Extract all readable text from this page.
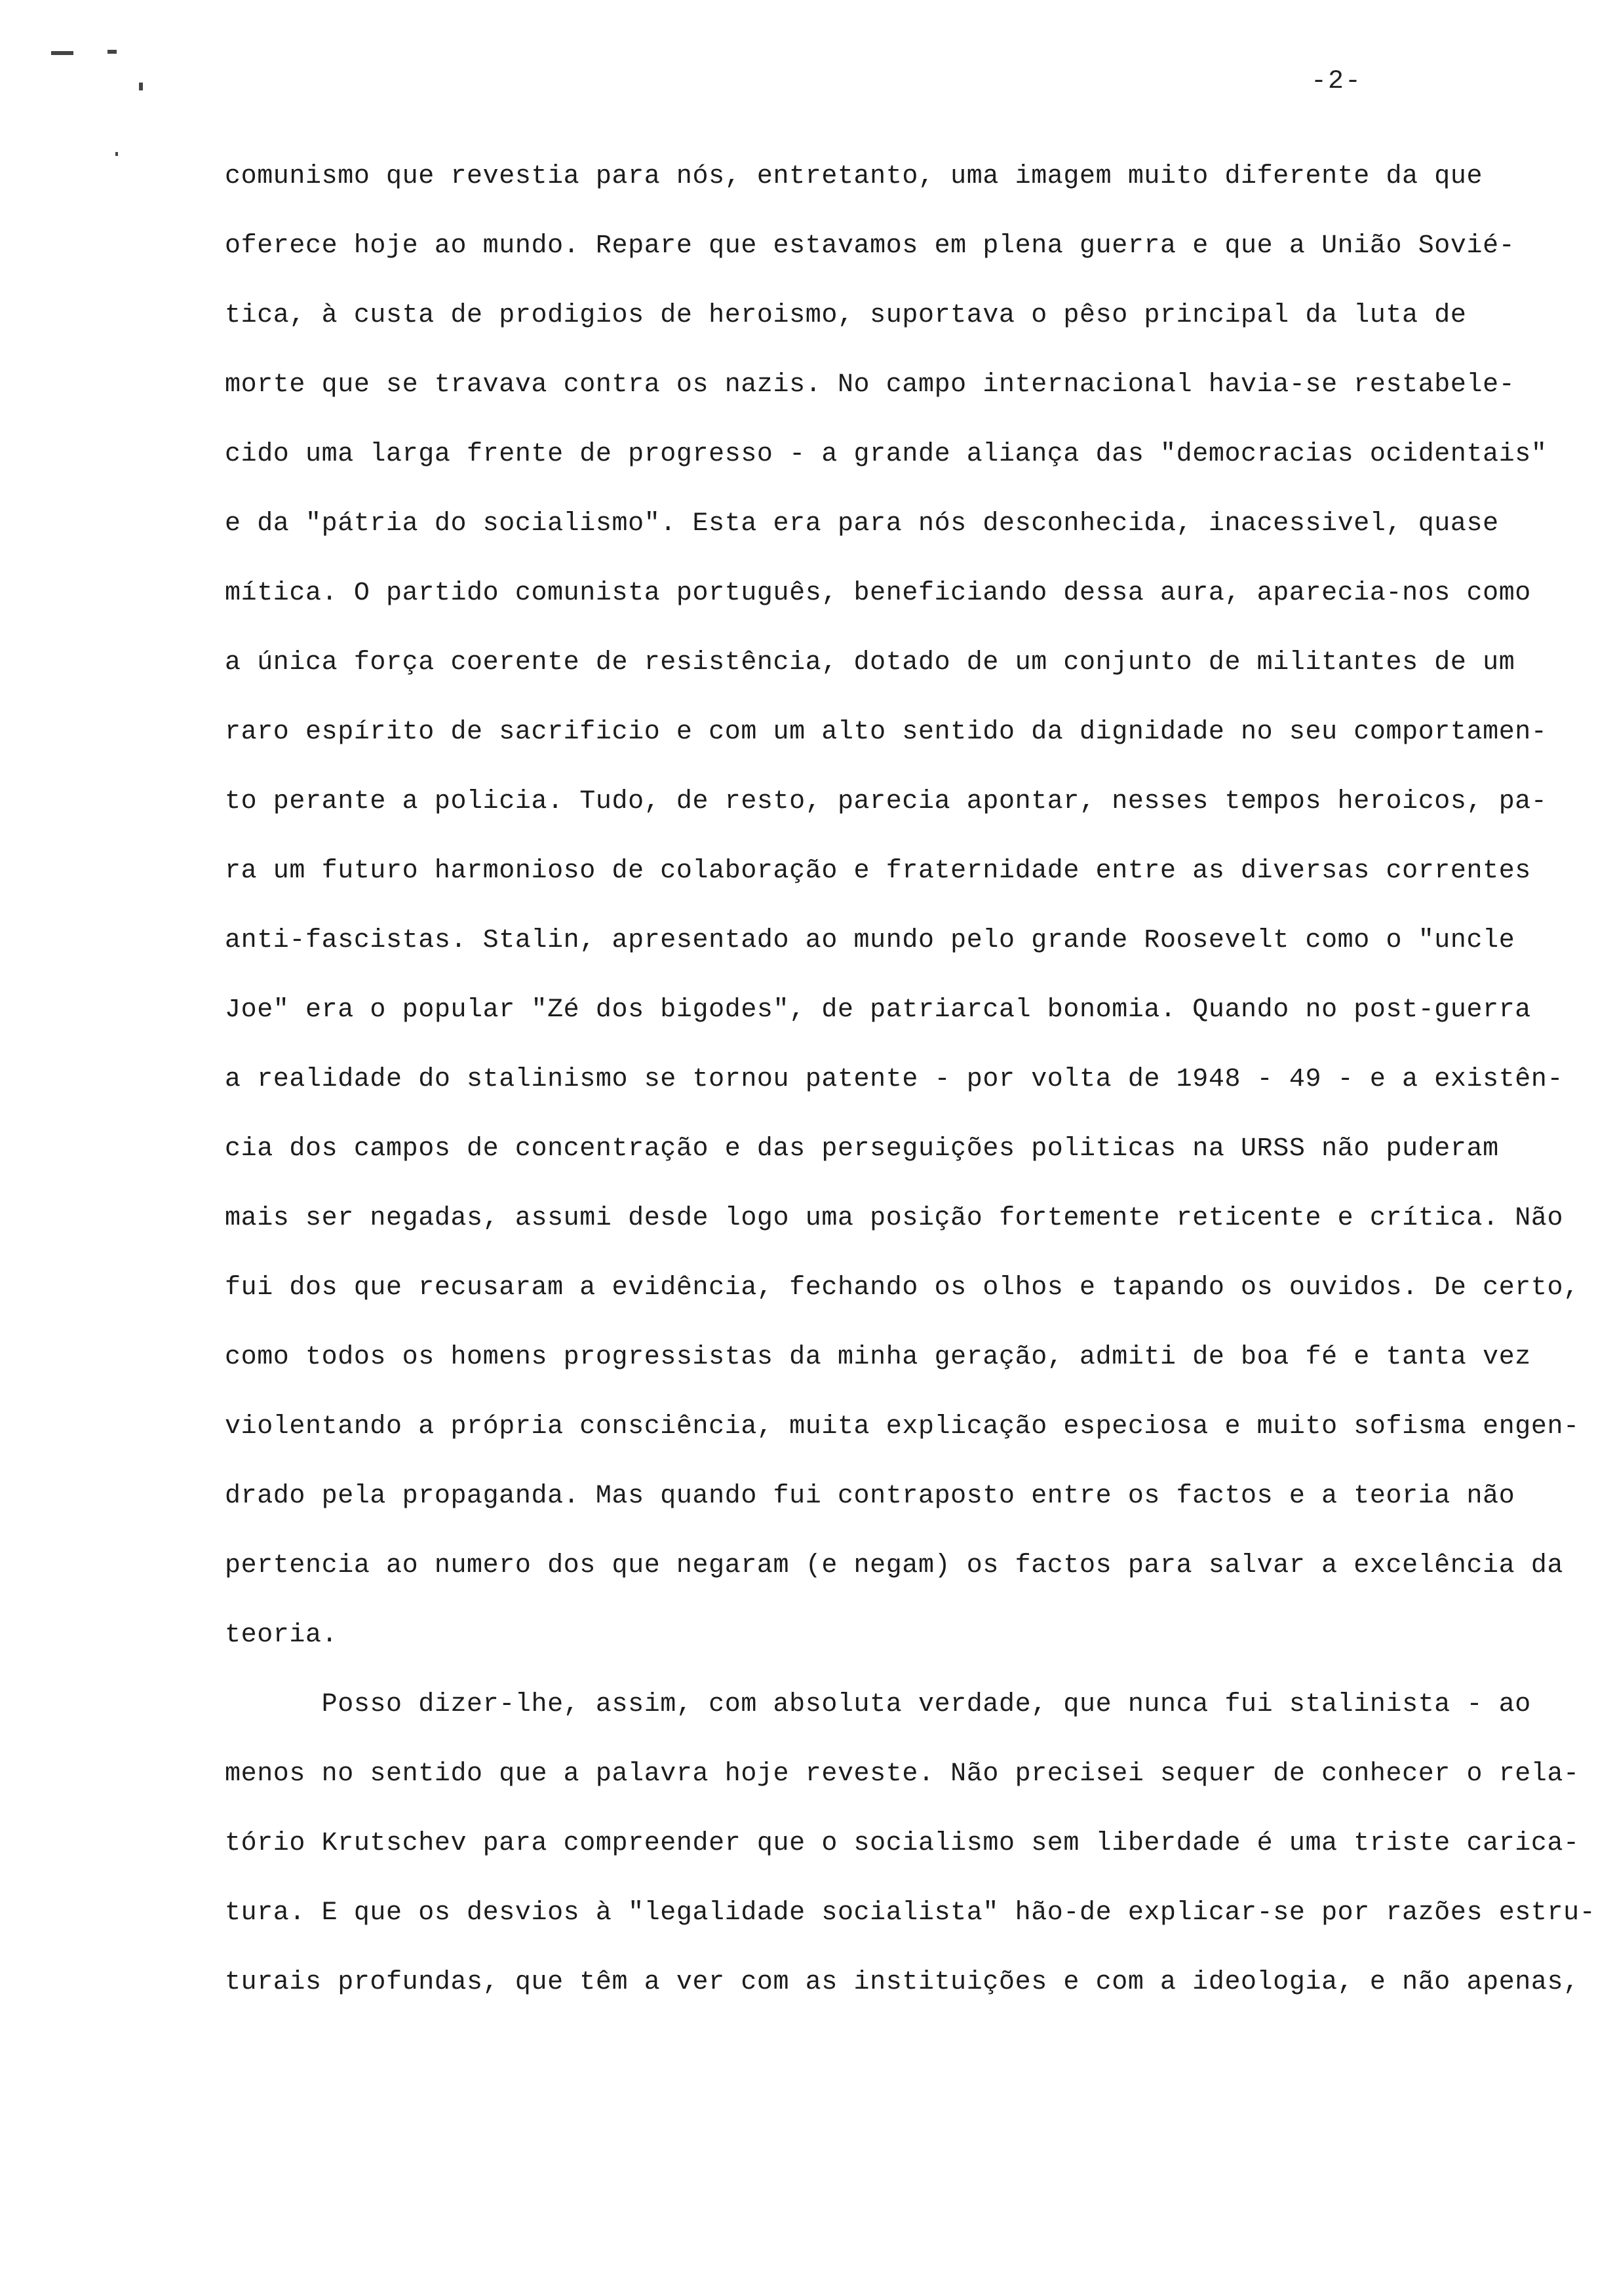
-2-
comunismo que revestia para nós, entretanto, uma imagem muito diferente da que
oferece hoje ao mundo. Repare que estavamos em plena guerra e que a União Sovié-
tica, à custa de prodigios de heroismo, suportava o pêso principal da luta de
morte que se travava contra os nazis. No campo internacional havia-se restabele-
cido uma larga frente de progresso - a grande aliança das "democracias ocidentais"
e da "pátria do socialismo". Esta era para nós desconhecida, inacessivel, quase
mítica. O partido comunista português, beneficiando dessa aura, aparecia-nos como
a única força coerente de resistência, dotado de um conjunto de militantes de um
raro espírito de sacrificio e com um alto sentido da dignidade no seu comportamen-
to perante a policia. Tudo, de resto, parecia apontar, nesses tempos heroicos, pa-
ra um futuro harmonioso de colaboração e fraternidade entre as diversas correntes
anti-fascistas. Stalin, apresentado ao mundo pelo grande Roosevelt como o "uncle
Joe" era o popular "Zé dos bigodes", de patriarcal bonomia. Quando no post-guerra
a realidade do stalinismo se tornou patente - por volta de 1948 - 49 - e a existên-
cia dos campos de concentração e das perseguições politicas na URSS não puderam
mais ser negadas, assumi desde logo uma posição fortemente reticente e crítica. Não
fui dos que recusaram a evidência, fechando os olhos e tapando os ouvidos. De certo,
como todos os homens progressistas da minha geração, admiti de boa fé e tanta vez
violentando a própria consciência, muita explicação especiosa e muito sofisma engen-
drado pela propaganda. Mas quando fui contraposto entre os factos e a teoria não
pertencia ao numero dos que negaram (e negam) os factos para salvar a excelência da
teoria.
Posso dizer-lhe, assim, com absoluta verdade, que nunca fui stalinista - ao
menos no sentido que a palavra hoje reveste. Não precisei sequer de conhecer o rela-
tório Krutschev para compreender que o socialismo sem liberdade é uma triste carica-
tura. E que os desvios à "legalidade socialista" hão-de explicar-se por razões estru-
turais profundas, que têm a ver com as instituições e com a ideologia, e não apenas,
